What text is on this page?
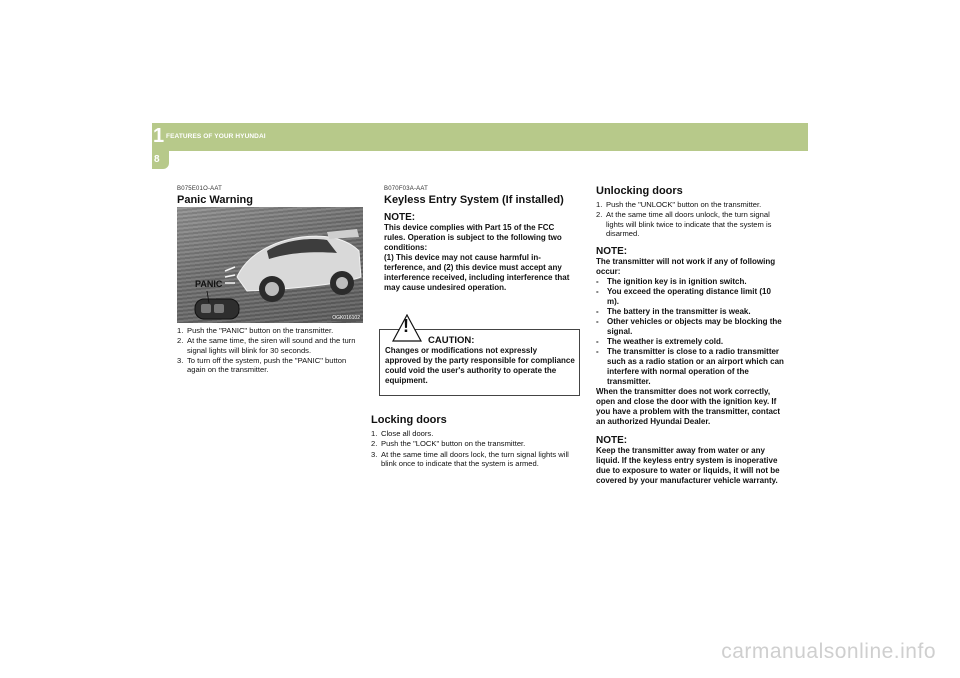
1 FEATURES OF YOUR HYUNDAI
8
B075E01O-AAT
Panic Warning
PANIC
OGK016102
1. Push the "PANIC" button on the transmitter.
2. At the same time, the siren will sound and the turn signal lights will blink for 30 seconds.
3. To turn off the system, push the "PANIC" button again on the transmitter.
B070F03A-AAT
Keyless Entry System (If installed)
NOTE:
This device complies with Part 15 of the FCC rules. Operation is subject to the following two conditions:
(1) This device may not cause harmful in-terference, and (2) this device must accept any interference received, including interference that may cause undesired operation.
!
CAUTION:
Changes or modifications not expressly approved by the party responsible for compliance could void the user's authority to operate the equipment.
Locking doors
1. Close all doors.
2. Push the "LOCK" button on the transmitter.
3. At the same time all doors lock, the turn signal lights will blink once to indicate that the system is armed.
Unlocking doors
1. Push the "UNLOCK" button on the transmitter.
2. At the same time all doors unlock, the turn signal lights will blink twice to indicate that the system is disarmed.
NOTE:
The transmitter will not work if any of following occur:
- The ignition key is in ignition switch.
- You exceed the operating distance limit (10 m).
- The battery in the transmitter is weak.
- Other vehicles or objects may be blocking the signal.
- The weather is extremely cold.
- The transmitter is close to a radio transmitter such as a radio station or an airport which can interfere with normal operation of the transmitter.
When the transmitter does not work correctly, open and close the door with the ignition key. If you have a problem with the transmitter, contact an authorized Hyundai Dealer.
NOTE:
Keep the transmitter away from water or any liquid. If the keyless entry system is inoperative due to exposure to water or liquids, it will not be covered by your manufacturer vehicle warranty.
carmanualsonline.info
